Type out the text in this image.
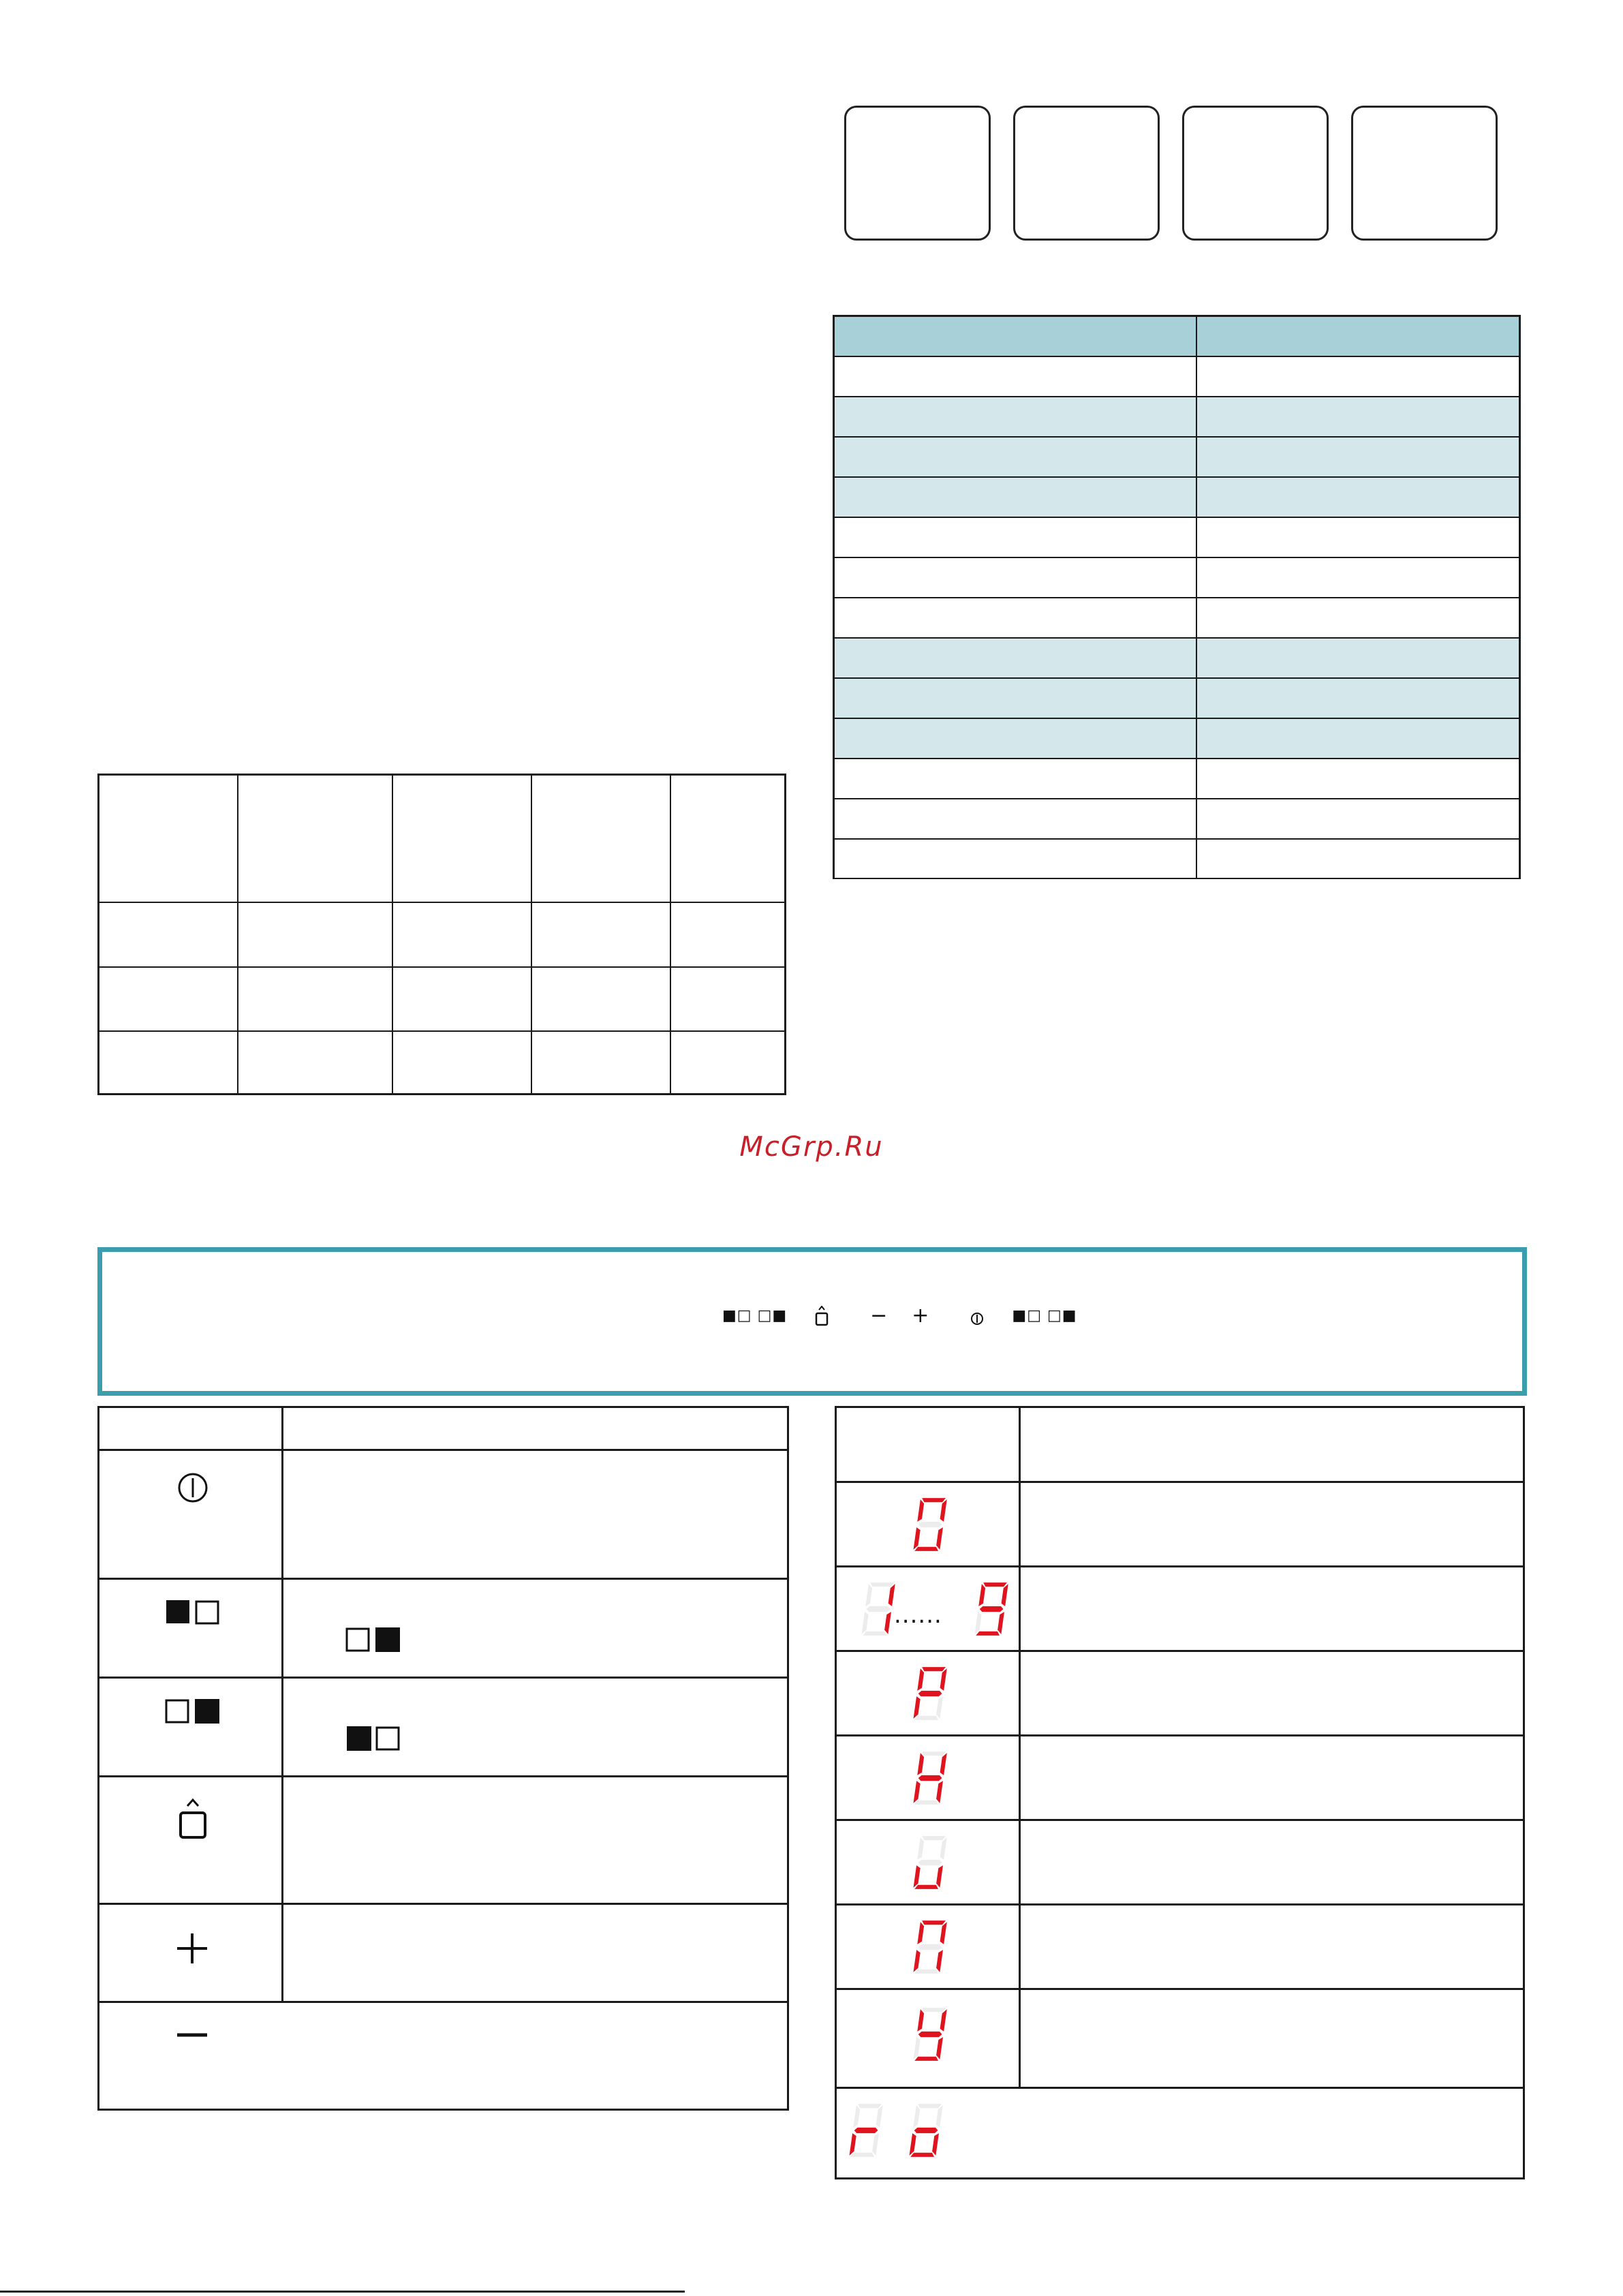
McGrp.Ru
■□ □■	− +	■□ □■
......
